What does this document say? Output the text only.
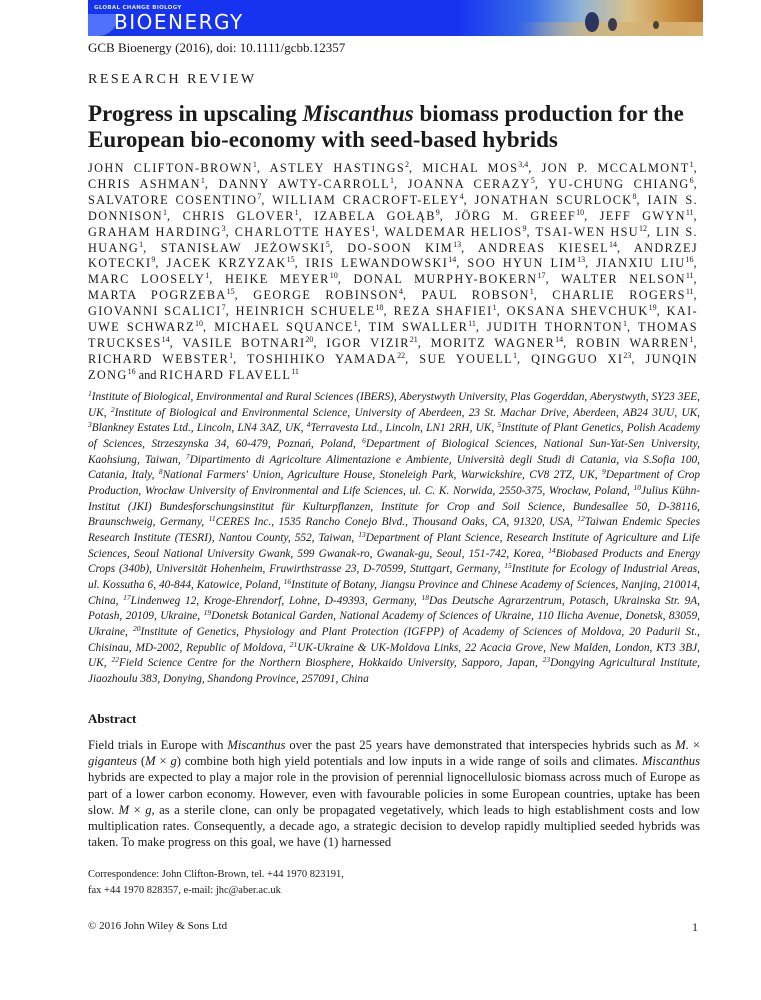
GLOBAL CHANGE BIOLOGY
BIOENERGY
GCB Bioenergy (2016), doi: 10.1111/gcbb.12357
RESEARCH REVIEW
Progress in upscaling Miscanthus biomass production for the European bio-economy with seed-based hybrids
JOHN CLIFTON-BROWN$^1$, ASTLEY HASTINGS$^2$, MICHAL MOS$^{3,4}$, JON P. MCCALMONT$^1$, CHRIS ASHMAN$^1$, DANNY AWTY-CARROLL$^1$, JOANNA CERAZY$^5$, YU-CHUNG CHIANG$^6$, SALVATORE COSENTINO$^7$, WILLIAM CRACROFT-ELEY$^4$, JONATHAN SCURLOCK$^8$, IAIN S. DONNISON$^1$, CHRIS GLOVER$^1$, IZABELA GOŁĄB$^9$, JÖRG M. GREEF$^{10}$, JEFF GWYN$^{11}$, GRAHAM HARDING$^3$, CHARLOTTE HAYES$^1$, WALDEMAR HELIOS$^9$, TSAI-WEN HSU$^{12}$, LIN S. HUANG$^1$, STANISŁAW JEŻOWSKI$^5$, DO-SOON KIM$^{13}$, ANDREAS KIESEL$^{14}$, ANDRZEJ KOTECKI$^9$, JACEK KRZYZAK$^{15}$, IRIS LEWANDOWSKI$^{14}$, SOO HYUN LIM$^{13}$, JIANXIU LIU$^{16}$, MARC LOOSELY$^1$, HEIKE MEYER$^{10}$, DONAL MURPHY-BOKERN$^{17}$, WALTER NELSON$^{11}$, MARTA POGRZEBA$^{15}$, GEORGE ROBINSON$^4$, PAUL ROBSON$^1$, CHARLIE ROGERS$^{11}$, GIOVANNI SCALICI$^7$, HEINRICH SCHUELE$^{18}$, REZA SHAFIEI$^1$, OKSANA SHEVCHUK$^{19}$, KAI-UWE SCHWARZ$^{10}$, MICHAEL SQUANCE$^1$, TIM SWALLER$^{11}$, JUDITH THORNTON$^1$, THOMAS TRUCKSES$^{14}$, VASILE BOTNARI$^{20}$, IGOR VIZIR$^{21}$, MORITZ WAGNER$^{14}$, ROBIN WARREN$^1$, RICHARD WEBSTER$^1$, TOSHIHIKO YAMADA$^{22}$, SUE YOUELL$^1$, QINGGUO XI$^{23}$, JUNQIN ZONG$^{16}$ and RICHARD FLAVELL$^{11}$
$^1$Institute of Biological, Environmental and Rural Sciences (IBERS), Aberystwyth University, Plas Gogerddan, Aberystwyth, SY23 3EE, UK, $^2$Institute of Biological and Environmental Science, University of Aberdeen, 23 St. Machar Drive, Aberdeen, AB24 3UU, UK, $^3$Blankney Estates Ltd., Lincoln, LN4 3AZ, UK, $^4$Terravesta Ltd., Lincoln, LN1 2RH, UK, $^5$Institute of Plant Genetics, Polish Academy of Sciences, Strzeszynska 34, 60-479, Poznań, Poland, $^6$Department of Biological Sciences, National Sun-Yat-Sen University, Kaohsiung, Taiwan, $^7$Dipartimento di Agricolture Alimentazione e Ambiente, Università degli Studi di Catania, via S.Sofia 100, Catania, Italy, $^8$National Farmers' Union, Agriculture House, Stoneleigh Park, Warwickshire, CV8 2TZ, UK, $^9$Department of Crop Production, Wrocław University of Environmental and Life Sciences, ul. C. K. Norwida, 2550-375, Wrocław, Poland, $^{10}$Julius Kühn-Institut (JKI) Bundesforschungsinstitut für Kulturpflanzen, Institute for Crop and Soil Science, Bundesallee 50, D-38116, Braunschweig, Germany, $^{11}$CERES Inc., 1535 Rancho Conejo Blvd., Thousand Oaks, CA, 91320, USA, $^{12}$Taiwan Endemic Species Research Institute (TESRI), Nantou County, 552, Taiwan, $^{13}$Department of Plant Science, Research Institute of Agriculture and Life Sciences, Seoul National University Gwank, 599 Gwanak-ro, Gwanak-gu, Seoul, 151-742, Korea, $^{14}$Biobased Products and Energy Crops (340b), Universität Hohenheim, Fruwirthstrasse 23, D-70599, Stuttgart, Germany, $^{15}$Institute for Ecology of Industrial Areas, ul. Kossutha 6, 40-844, Katowice, Poland, $^{16}$Institute of Botany, Jiangsu Province and Chinese Academy of Sciences, Nanjing, 210014, China, $^{17}$Lindenweg 12, Kroge-Ehrendorf, Lohne, D-49393, Germany, $^{18}$Das Deutsche Agrarzentrum, Potasch, Ukrainska Str. 9A, Potash, 20109, Ukraine, $^{19}$Donetsk Botanical Garden, National Academy of Sciences of Ukraine, 110 Ilicha Avenue, Donetsk, 83059, Ukraine, $^{20}$Institute of Genetics, Physiology and Plant Protection (IGFPP) of Academy of Sciences of Moldova, 20 Padurii St., Chisinau, MD-2002, Republic of Moldova, $^{21}$UK-Ukraine & UK-Moldova Links, 22 Acacia Grove, New Malden, London, KT3 3BJ, UK, $^{22}$Field Science Centre for the Northern Biosphere, Hokkaido University, Sapporo, Japan, $^{23}$Dongying Agricultural Institute, Jiaozhoulu 383, Donying, Shandong Province, 257091, China
Abstract
Field trials in Europe with Miscanthus over the past 25 years have demonstrated that interspecies hybrids such as M. × giganteus (M × g) combine both high yield potentials and low inputs in a wide range of soils and climates. Miscanthus hybrids are expected to play a major role in the provision of perennial lignocellulosic biomass across much of Europe as part of a lower carbon economy. However, even with favourable policies in some European countries, uptake has been slow. M × g, as a sterile clone, can only be propagated vegetatively, which leads to high establishment costs and low multiplication rates. Consequently, a decade ago, a strategic decision to develop rapidly multiplied seeded hybrids was taken. To make progress on this goal, we have (1) harnessed
Correspondence: John Clifton-Brown, tel. +44 1970 823191,
fax +44 1970 828357, e-mail: jhc@aber.ac.uk
© 2016 John Wiley & Sons Ltd	1
